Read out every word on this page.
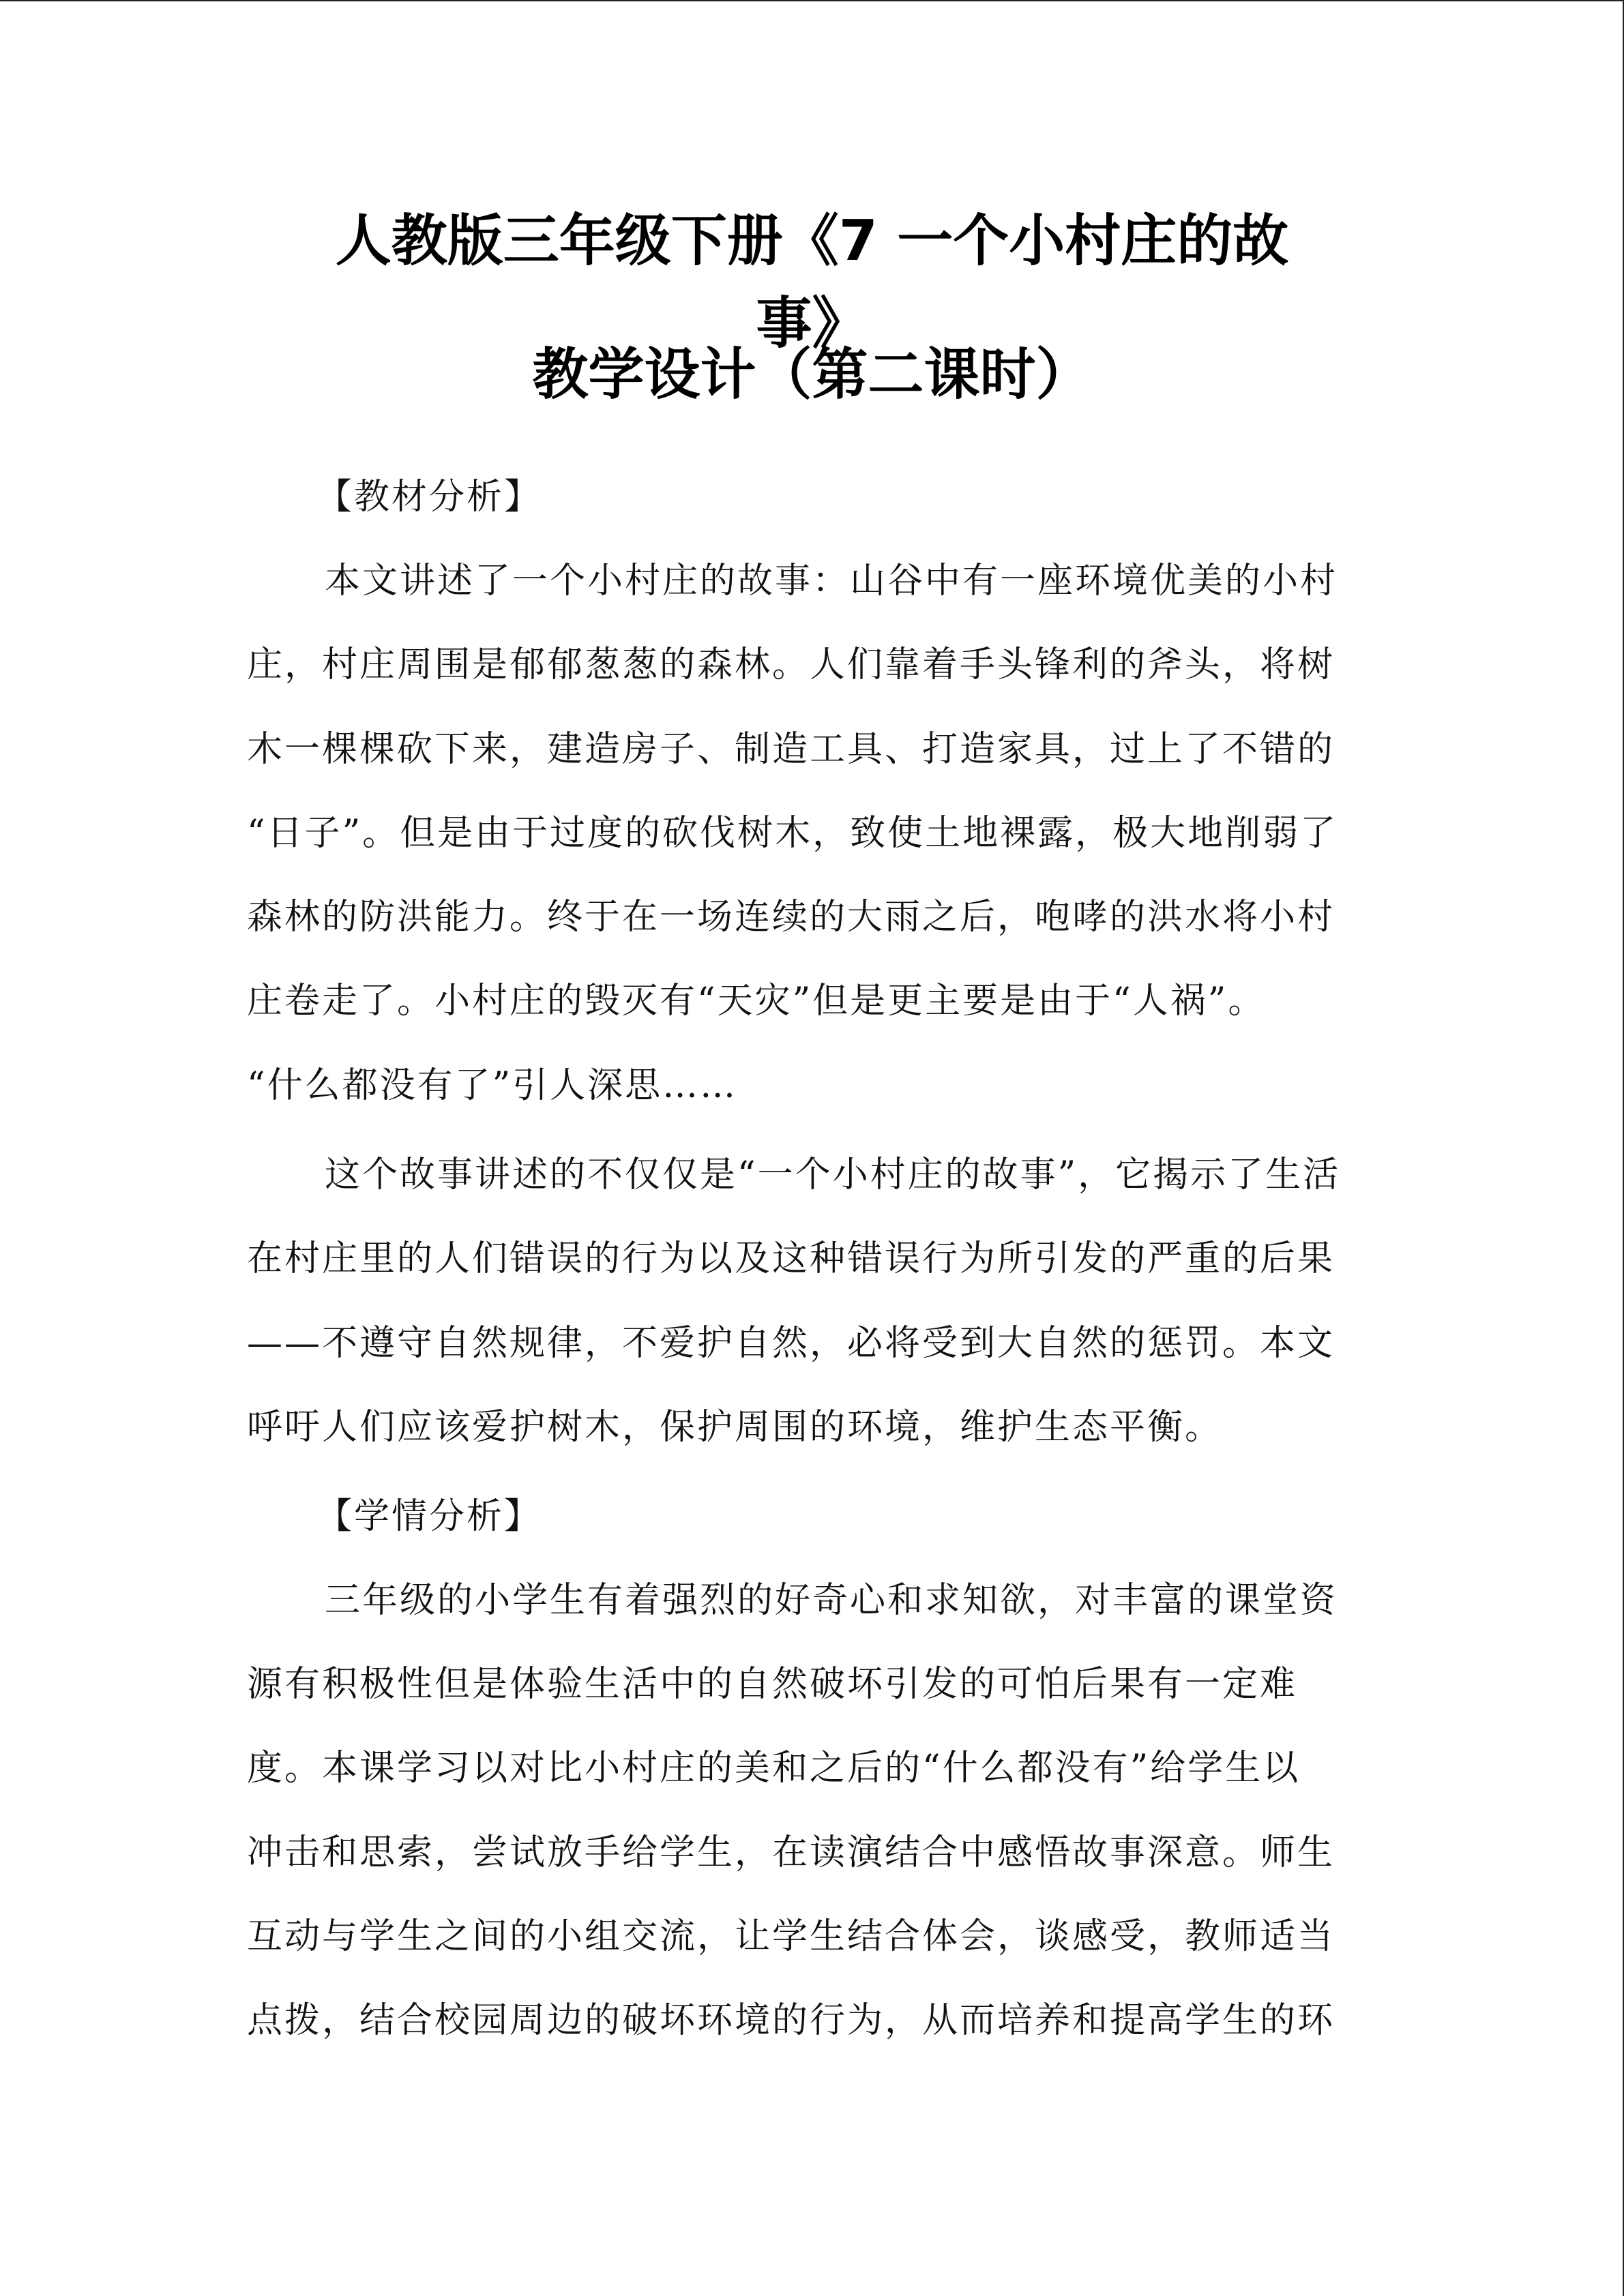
人教版三年级下册《7 一个小村庄的故
事》
教学设计（第二课时）

【教材分析】

本文讲述了一个小村庄的故事：山谷中有一座环境优美的小村

庄，村庄周围是郁郁葱葱的森林。人们靠着手头锋利的斧头，将树

木一棵棵砍下来，建造房子、制造工具、打造家具，过上了不错的

“日子”。但是由于过度的砍伐树木，致使土地裸露，极大地削弱了

森林的防洪能力。终于在一场连续的大雨之后，咆哮的洪水将小村

庄卷走了。小村庄的毁灭有“天灾”但是更主要是由于“人祸”。

“什么都没有了”引人深思……

这个故事讲述的不仅仅是“一个小村庄的故事”，它揭示了生活

在村庄里的人们错误的行为以及这种错误行为所引发的严重的后果

——不遵守自然规律，不爱护自然，必将受到大自然的惩罚。本文

呼吁人们应该爱护树木，保护周围的环境，维护生态平衡。

【学情分析】

三年级的小学生有着强烈的好奇心和求知欲，对丰富的课堂资

源有积极性但是体验生活中的自然破坏引发的可怕后果有一定难

度。本课学习以对比小村庄的美和之后的“什么都没有”给学生以

冲击和思索，尝试放手给学生，在读演结合中感悟故事深意。师生

互动与学生之间的小组交流，让学生结合体会，谈感受，教师适当

点拨，结合校园周边的破坏环境的行为，从而培养和提高学生的环
